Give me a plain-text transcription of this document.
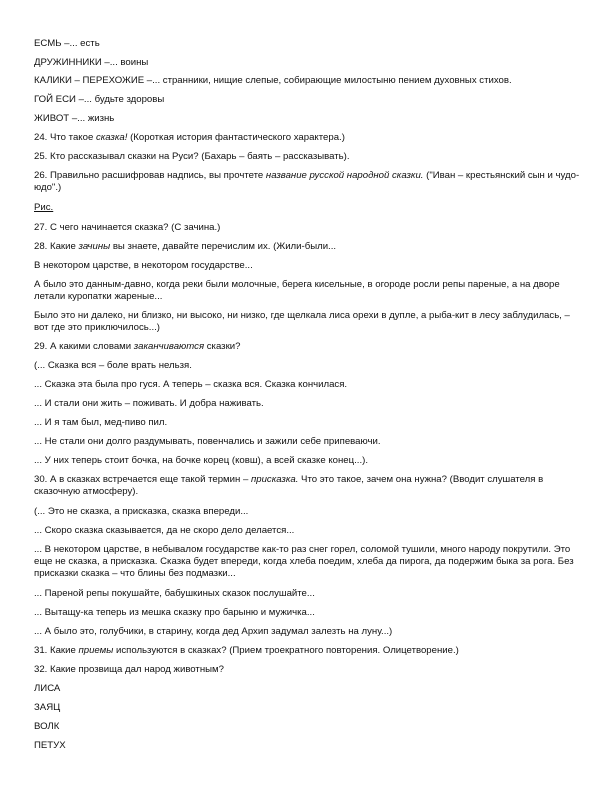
ЕСМЬ –... есть
ДРУЖИННИКИ –... воины
КАЛИКИ – ПЕРЕХОЖИЕ –... странники, нищие слепые, собирающие милостыню пением духовных стихов.
ГОЙ ЕСИ –... будьте здоровы
ЖИВОТ –... жизнь
24. Что такое сказка! (Короткая история фантастического характера.)
25. Кто рассказывал сказки на Руси? (Бахарь – баять – рассказывать).
26. Правильно расшифровав надпись, вы прочтете название русской народной сказки. ("Иван – крестьянский сын и чудо-юдо".)
Рис.
27. С чего начинается сказка? (С зачина.)
28. Какие зачины вы знаете, давайте перечислим их. (Жили-были...
В некотором царстве, в некотором государстве...
А было это данным-давно, когда реки были молочные, берега кисельные, в огороде росли репы пареные, а на дворе летали куропатки жареные...
Было это ни далеко, ни близко, ни высоко, ни низко, где щелкала лиса орехи в дупле, а рыба-кит в лесу заблудилась, – вот где это приключилось...)
29. А какими словами заканчиваются сказки?
(... Сказка вся – боле врать нельзя.
... Сказка эта была про гуся. А теперь – сказка вся. Сказка кончилася.
... И стали они жить – поживать. И добра наживать.
... И я там был, мед-пиво пил.
... Не стали они долго раздумывать, повенчались и зажили себе припеваючи.
... У них теперь стоит бочка, на бочке корец (ковш), а всей сказке конец...).
30. А в сказках встречается еще такой термин – присказка. Что это такое, зачем она нужна? (Вводит слушателя в сказочную атмосферу).
(... Это не сказка, а присказка, сказка впереди...
... Скоро сказка сказывается, да не скоро дело делается...
... В некотором царстве, в небывалом государстве как-то раз снег горел, соломой тушили, много народу покрутили. Это еще не сказка, а присказка. Сказка будет впереди, когда хлеба поедим, хлеба да пирога, да подержим быка за рога. Без присказки сказка – что блины без подмазки...
... Пареной репы покушайте, бабушкиных сказок послушайте...
... Вытащу-ка теперь из мешка сказку про барыню и мужичка...
... А было это, голубчики, в старину, когда дед Архип задумал залезть на луну...)
31. Какие приемы используются в сказках? (Прием троекратного повторения. Олицетворение.)
32. Какие прозвища дал народ животным?
ЛИСА
ЗАЯЦ
ВОЛК
ПЕТУХ
